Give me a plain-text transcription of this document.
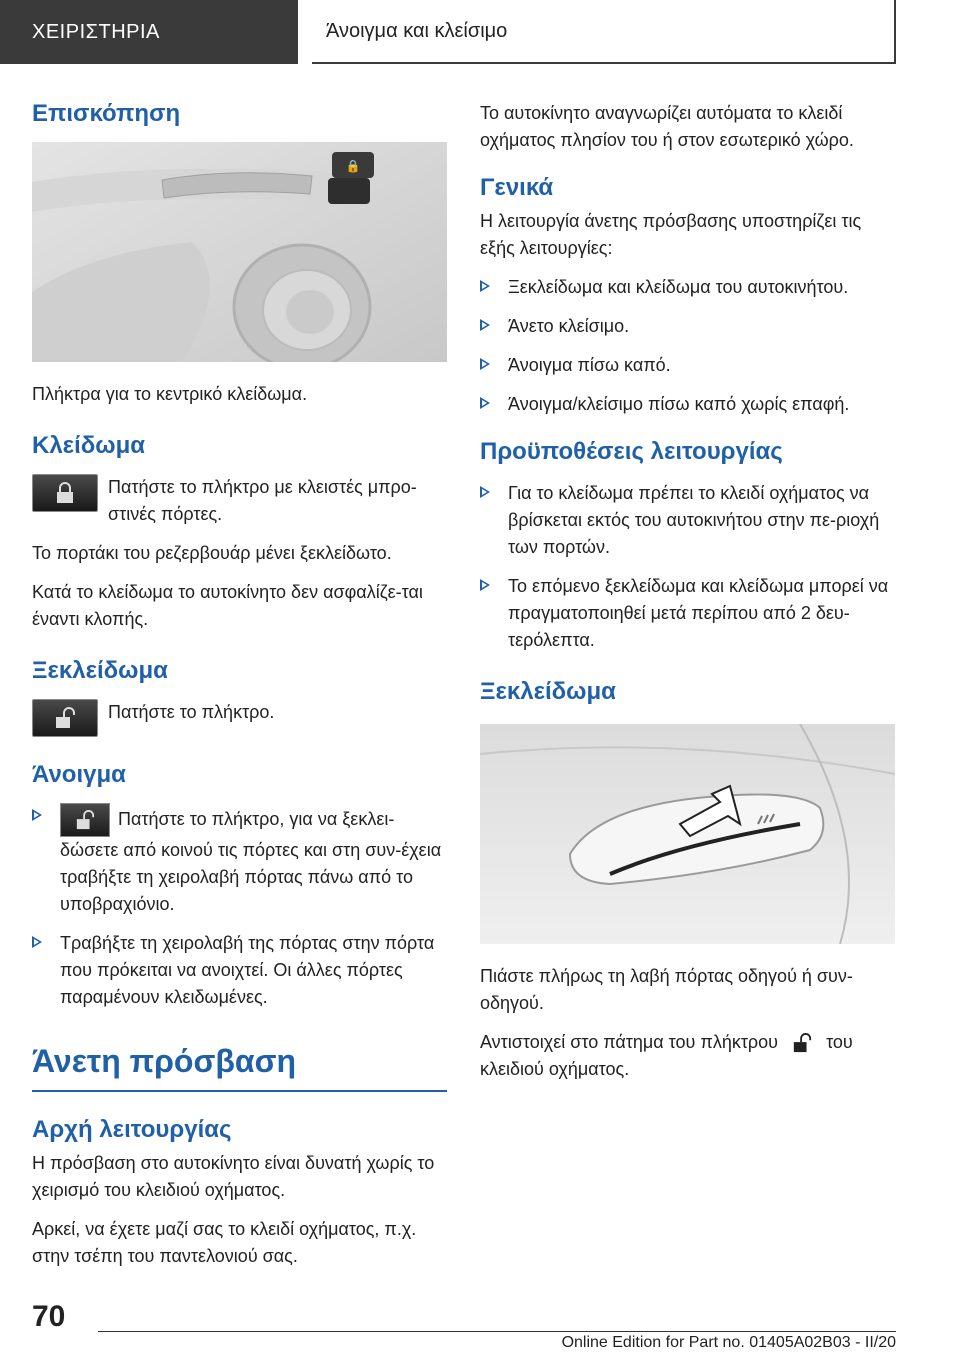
ΧΕΙΡΙΣΤΗΡΙΑ	Άνοιγμα και κλείσιμο
Επισκόπηση
🔒

Πλήκτρα για το κεντρικό κλείδωμα.

Κλείδωμα

Πατήστε το πλήκτρο με κλειστές μπρο-στινές πόρτες.

Το πορτάκι του ρεζερβουάρ μένει ξεκλείδωτο.

Κατά το κλείδωμα το αυτοκίνητο δεν ασφαλίζε-ται έναντι κλοπής.

Ξεκλείδωμα

Πατήστε το πλήκτρο.

Άνοιγμα
Πατήστε το πλήκτρο, για να ξεκλει-δώσετε από κοινού τις πόρτες και στη συν-έχεια τραβήξτε τη χειρολαβή πόρτας πάνω από το υποβραχιόνιο.
Τραβήξτε τη χειρολαβή της πόρτας στην πόρτα που πρόκειται να ανοιχτεί. Οι άλλες πόρτες παραμένουν κλειδωμένες.
Άνετη πρόσβαση
Αρχή λειτουργίας

Η πρόσβαση στο αυτοκίνητο είναι δυνατή χωρίς το χειρισμό του κλειδιού οχήματος.

Αρκεί, να έχετε μαζί σας το κλειδί οχήματος, π.χ. στην τσέπη του παντελονιού σας.

Το αυτοκίνητο αναγνωρίζει αυτόματα το κλειδί οχήματος πλησίον του ή στον εσωτερικό χώρο.

Γενικά

Η λειτουργία άνετης πρόσβασης υποστηρίζει τις εξής λειτουργίες:

Ξεκλείδωμα και κλείδωμα του αυτοκινήτου.
Άνετο κλείσιμο.
Άνοιγμα πίσω καπό.
Άνοιγμα/κλείσιμο πίσω καπό χωρίς επαφή.
Προϋποθέσεις λειτουργίας
Για το κλείδωμα πρέπει το κλειδί οχήματος να βρίσκεται εκτός του αυτοκινήτου στην πε-ριοχή των πορτών.
Το επόμενο ξεκλείδωμα και κλείδωμα μπορεί να πραγματοποιηθεί μετά περίπου από 2 δευ-τερόλεπτα.
Ξεκλείδωμα

Πιάστε πλήρως τη λαβή πόρτας οδηγού ή συν-οδηγού.

Αντιστοιχεί στο πάτημα του πλήκτρου	του κλειδιού οχήματος.

70
Online Edition for Part no. 01405A02B03 - II/20
